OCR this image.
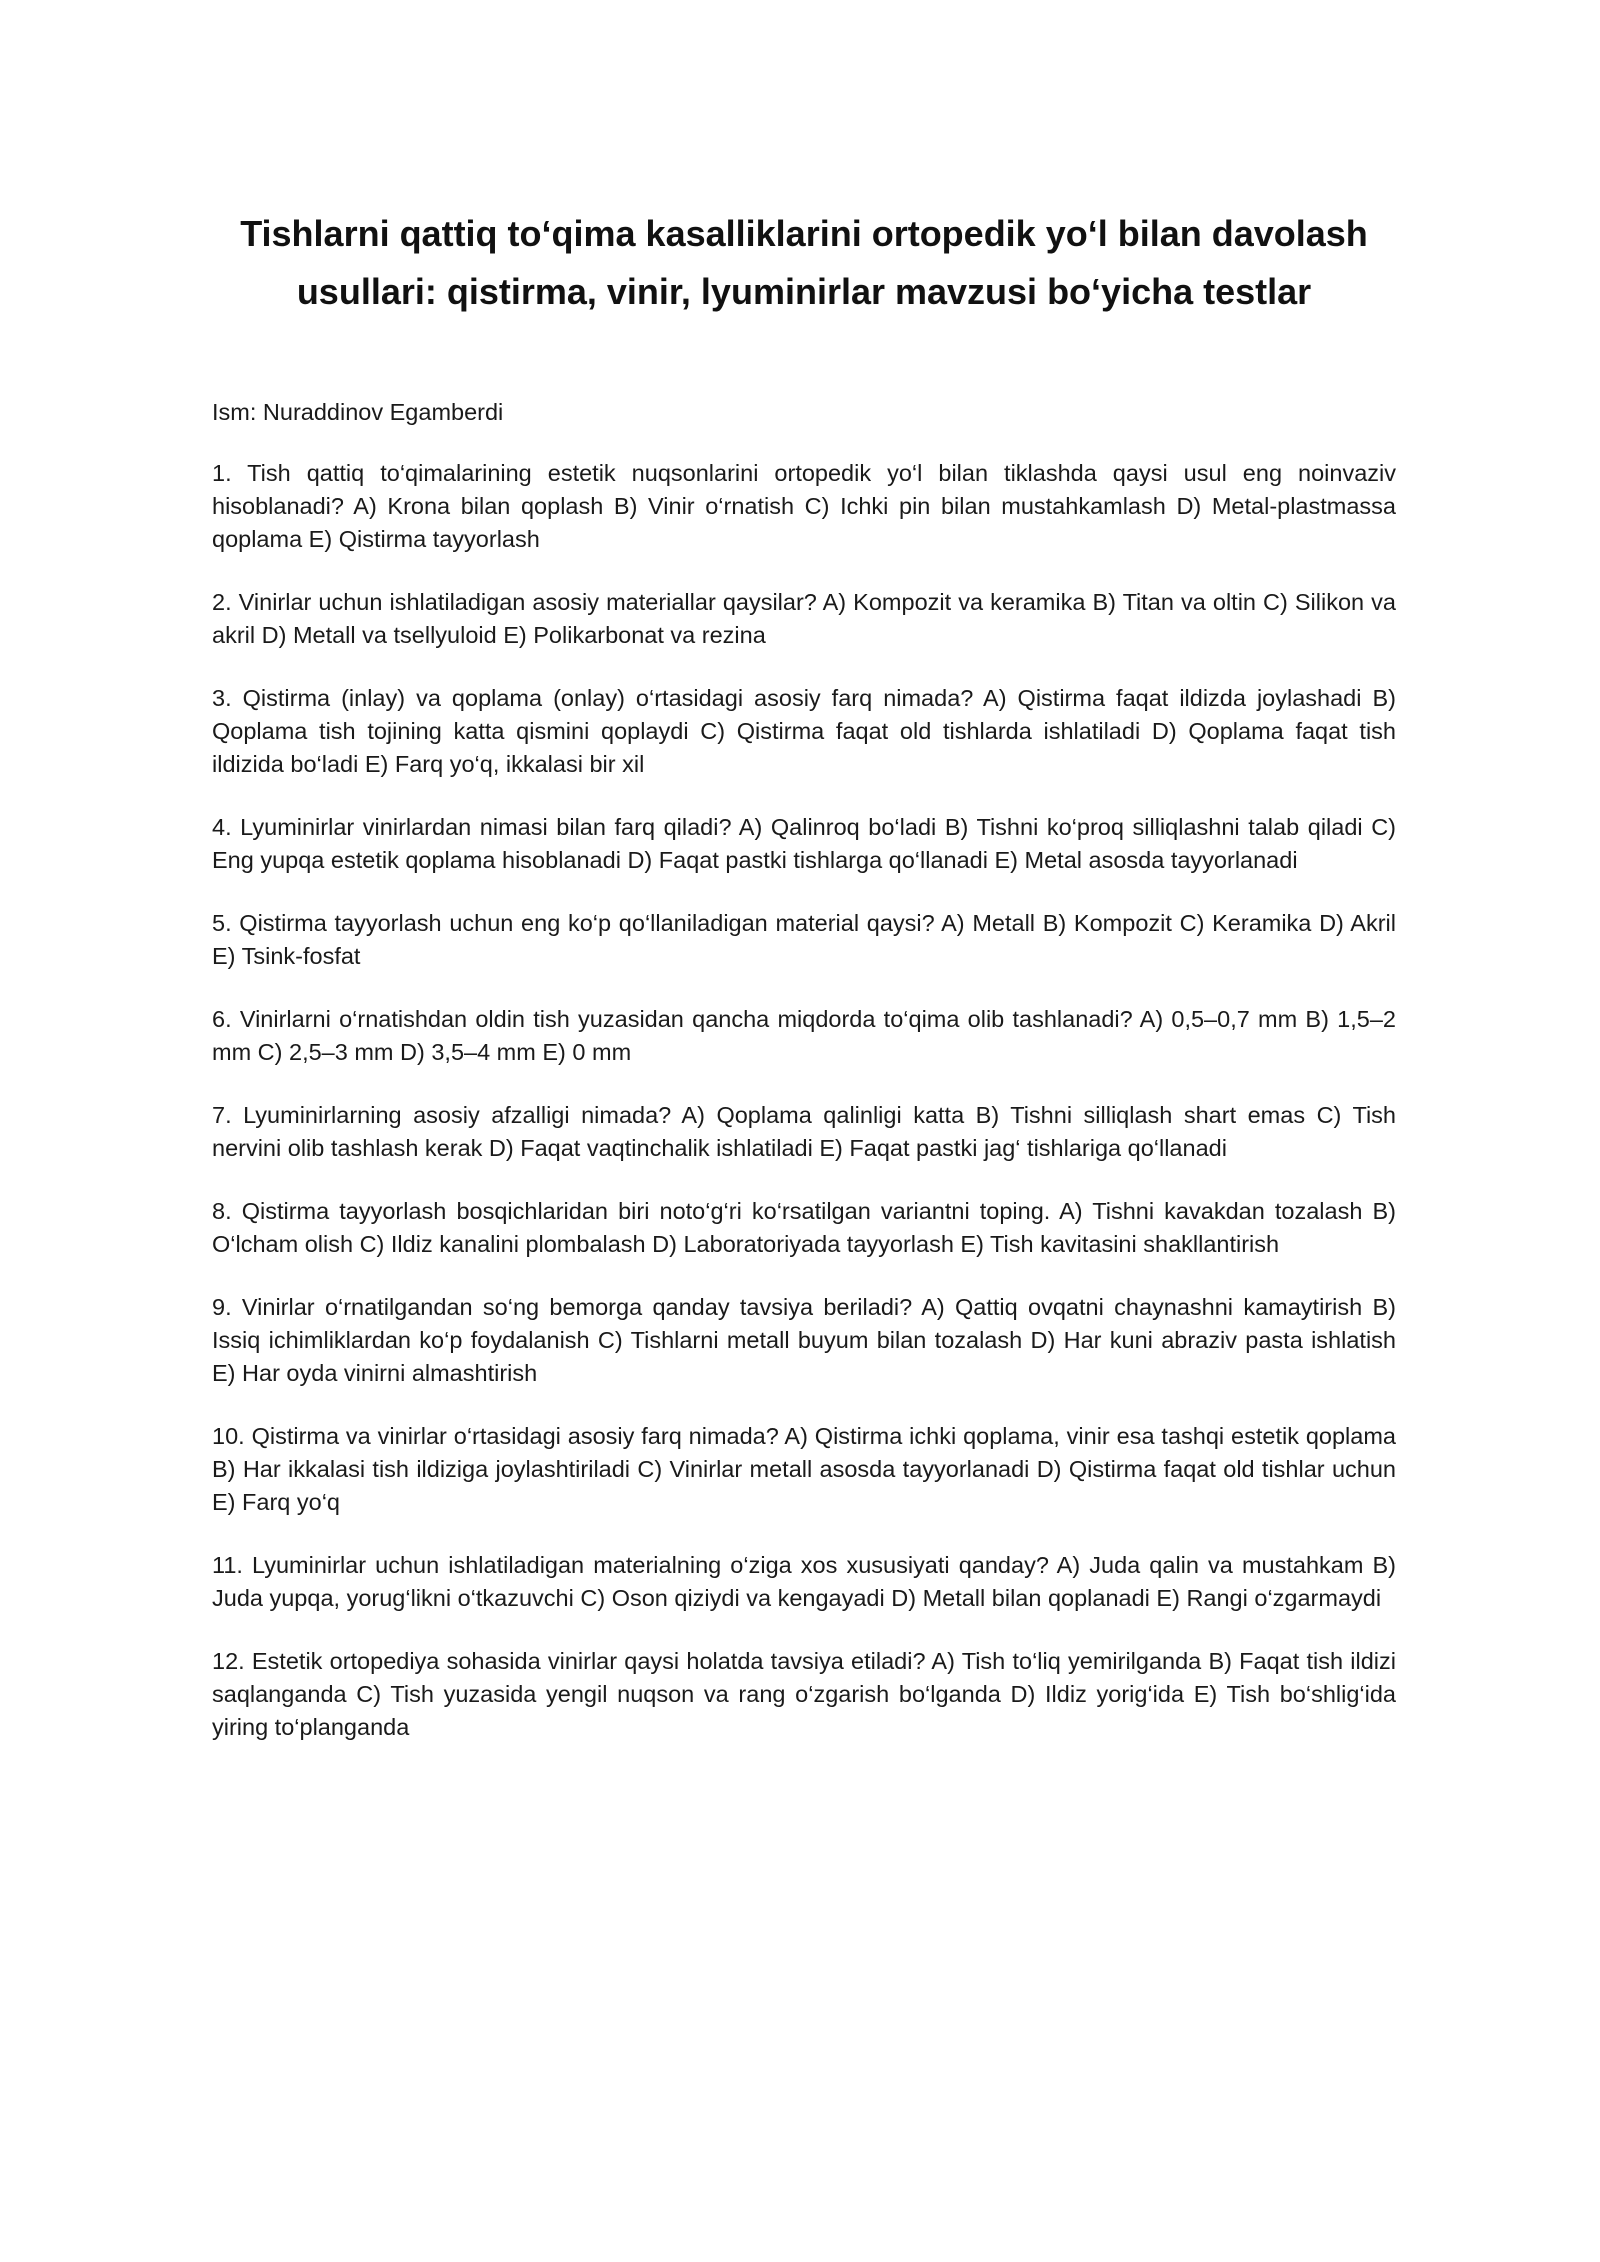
Tishlarni qattiq to‘qima kasalliklarini ortopedik yo‘l bilan davolash usullari: qistirma, vinir, lyuminirlar mavzusi bo‘yicha testlar

Ism: Nuraddinov Egamberdi

1. Tish qattiq to‘qimalarining estetik nuqsonlarini ortopedik yo‘l bilan tiklashda qaysi usul eng noinvaziv hisoblanadi? A) Krona bilan qoplash B) Vinir o‘rnatish C) Ichki pin bilan mustahkamlash D) Metal-plastmassa qoplama E) Qistirma tayyorlash
2. Vinirlar uchun ishlatiladigan asosiy materiallar qaysilar? A) Kompozit va keramika B) Titan va oltin C) Silikon va akril D) Metall va tsellyuloid E) Polikarbonat va rezina
3. Qistirma (inlay) va qoplama (onlay) o‘rtasidagi asosiy farq nimada? A) Qistirma faqat ildizda joylashadi B) Qoplama tish tojining katta qismini qoplaydi C) Qistirma faqat old tishlarda ishlatiladi D) Qoplama faqat tish ildizida bo‘ladi E) Farq yo‘q, ikkalasi bir xil
4. Lyuminirlar vinirlardan nimasi bilan farq qiladi? A) Qalinroq bo‘ladi B) Tishni ko‘proq silliqlashni talab qiladi C) Eng yupqa estetik qoplama hisoblanadi D) Faqat pastki tishlarga qo‘llanadi E) Metal asosda tayyorlanadi
5. Qistirma tayyorlash uchun eng ko‘p qo‘llaniladigan material qaysi? A) Metall B) Kompozit C) Keramika D) Akril E) Tsink-fosfat
6. Vinirlarni o‘rnatishdan oldin tish yuzasidan qancha miqdorda to‘qima olib tashlanadi? A) 0,5–0,7 mm B) 1,5–2 mm C) 2,5–3 mm D) 3,5–4 mm E) 0 mm
7. Lyuminirlarning asosiy afzalligi nimada? A) Qoplama qalinligi katta B) Tishni silliqlash shart emas C) Tish nervini olib tashlash kerak D) Faqat vaqtinchalik ishlatiladi E) Faqat pastki jag‘ tishlariga qo‘llanadi
8. Qistirma tayyorlash bosqichlaridan biri noto‘g‘ri ko‘rsatilgan variantni toping. A) Tishni kavakdan tozalash B) O‘lcham olish C) Ildiz kanalini plombalash D) Laboratoriyada tayyorlash E) Tish kavitasini shakllantirish
9. Vinirlar o‘rnatilgandan so‘ng bemorga qanday tavsiya beriladi? A) Qattiq ovqatni chaynashni kamaytirish B) Issiq ichimliklardan ko‘p foydalanish C) Tishlarni metall buyum bilan tozalash D) Har kuni abraziv pasta ishlatish E) Har oyda vinirni almashtirish
10. Qistirma va vinirlar o‘rtasidagi asosiy farq nimada? A) Qistirma ichki qoplama, vinir esa tashqi estetik qoplama B) Har ikkalasi tish ildiziga joylashtiriladi C) Vinirlar metall asosda tayyorlanadi D) Qistirma faqat old tishlar uchun E) Farq yo‘q
11. Lyuminirlar uchun ishlatiladigan materialning o‘ziga xos xususiyati qanday? A) Juda qalin va mustahkam B) Juda yupqa, yorug‘likni o‘tkazuvchi C) Oson qiziydi va kengayadi D) Metall bilan qoplanadi E) Rangi o‘zgarmaydi
12. Estetik ortopediya sohasida vinirlar qaysi holatda tavsiya etiladi? A) Tish to‘liq yemirilganda B) Faqat tish ildizi saqlanganda C) Tish yuzasida yengil nuqson va rang o‘zgarish bo‘lganda D) Ildiz yorig‘ida E) Tish bo‘shlig‘ida yiring to‘planganda
